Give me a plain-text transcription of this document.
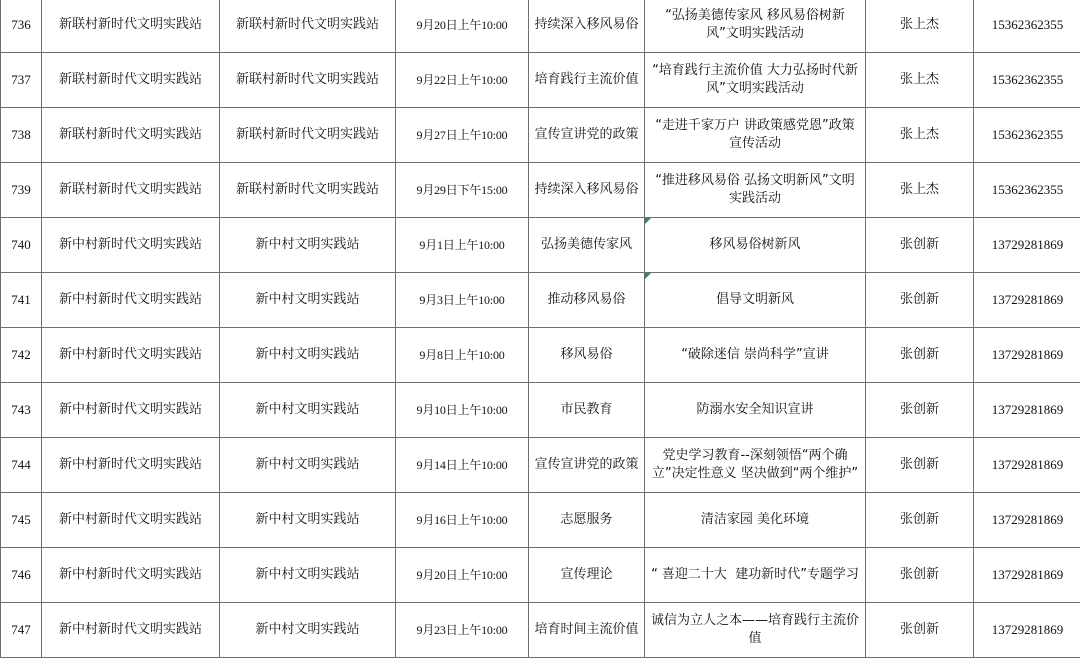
736	新联村新时代文明实践站	新联村新时代文明实践站	9月20日上午10:00	持续深入移风易俗	“弘扬美德传家风 移风易俗树新风”文明实践活动	张上杰	15362362355
737	新联村新时代文明实践站	新联村新时代文明实践站	9月22日上午10:00	培育践行主流价值	“培育践行主流价值 大力弘扬时代新风”文明实践活动	张上杰	15362362355
738	新联村新时代文明实践站	新联村新时代文明实践站	9月27日上午10:00	宣传宣讲党的政策	“走进千家万户 讲政策感党恩”政策宣传活动	张上杰	15362362355
739	新联村新时代文明实践站	新联村新时代文明实践站	9月29日下午15:00	持续深入移风易俗	“推进移风易俗 弘扬文明新风”文明实践活动	张上杰	15362362355
740	新中村新时代文明实践站	新中村文明实践站	9月1日上午10:00	弘扬美德传家风	移风易俗树新风	张创新	13729281869
741	新中村新时代文明实践站	新中村文明实践站	9月3日上午10:00	推动移风易俗	倡导文明新风	张创新	13729281869
742	新中村新时代文明实践站	新中村文明实践站	9月8日上午10:00	移风易俗	“破除迷信 崇尚科学”宣讲	张创新	13729281869
743	新中村新时代文明实践站	新中村文明实践站	9月10日上午10:00	市民教育	防溺水安全知识宣讲	张创新	13729281869
744	新中村新时代文明实践站	新中村文明实践站	9月14日上午10:00	宣传宣讲党的政策	党史学习教育--深刻领悟“两个确立”决定性意义 坚决做到“两个维护”	张创新	13729281869
745	新中村新时代文明实践站	新中村文明实践站	9月16日上午10:00	志愿服务	清洁家园 美化环境	张创新	13729281869
746	新中村新时代文明实践站	新中村文明实践站	9月20日上午10:00	宣传理论	“ 喜迎二十大  建功新时代”专题学习	张创新	13729281869
747	新中村新时代文明实践站	新中村文明实践站	9月23日上午10:00	培育时间主流价值	诚信为立人之本——培育践行主流价值	张创新	13729281869
